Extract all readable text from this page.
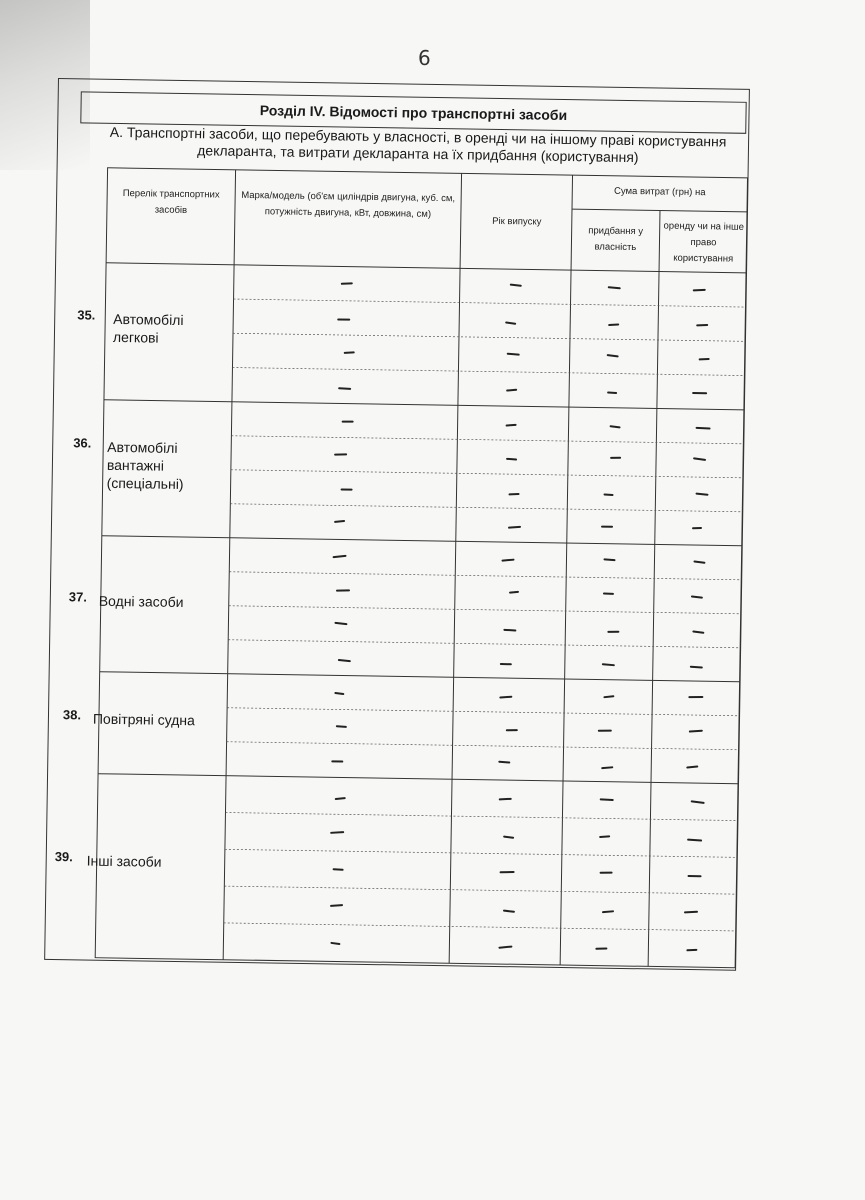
6
Розділ IV. Відомості про транспортні засоби
А. Транспортні засоби, що перебувають у власності, в оренді чи на іншому праві користування декларанта, та витрати декларанта на їх придбання (користування)
Перелік транспортних засобів
Марка/модель (об'єм циліндрів двигуна, куб. см, потужність двигуна, кВт, довжина, см)
Рік випуску
Сума витрат (грн) на
придбання у власність
оренду чи на інше право користування
35. Автомобілі легкові
36. Автомобілі вантажні (спеціальні)
37. Водні засоби
38. Повітряні судна
39. Інші засоби
